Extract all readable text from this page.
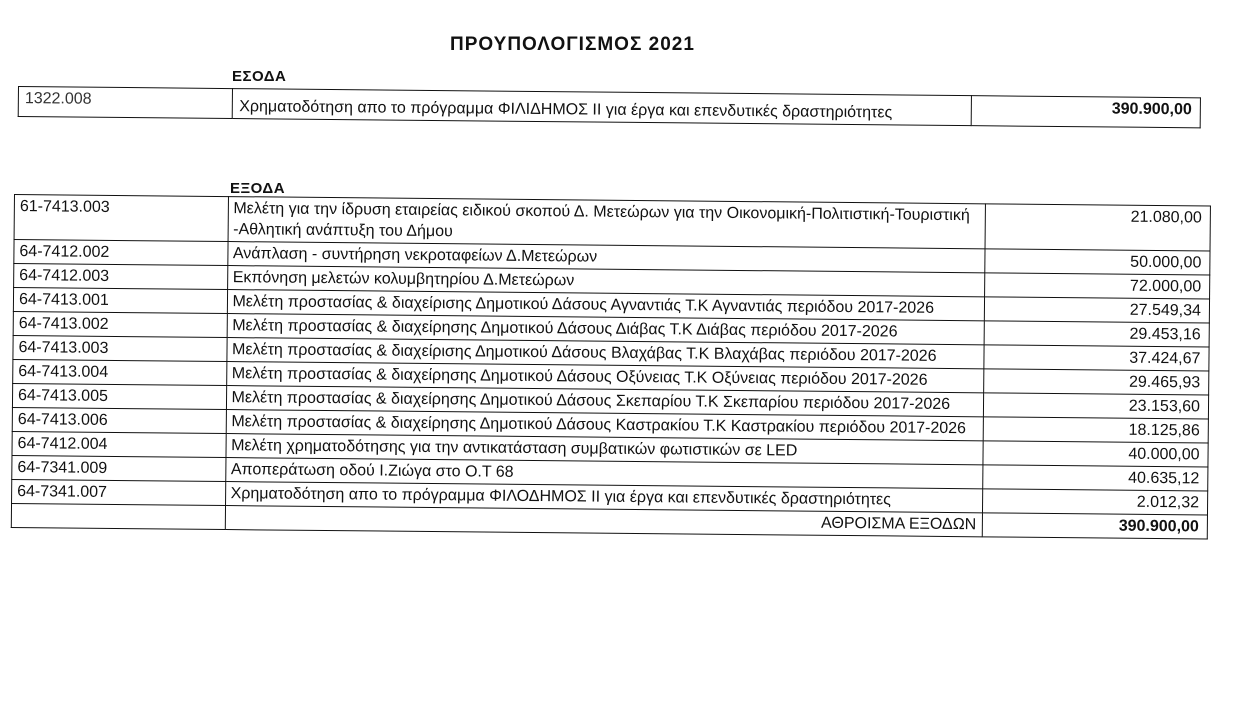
ΠΡΟΥΠΟΛΟΓΙΣΜΟΣ 2021
ΕΣΟΔΑ
1322.008	Χρηματοδότηση απο το πρόγραμμα ΦΙΛΙΔΗΜΟΣ ΙΙ για έργα και επενδυτικές δραστηριότητες	390.900,00
ΕΞΟΔΑ
61-7413.003	Μελέτη για την ίδρυση εταιρείας ειδικού σκοπού Δ. Μετεώρων για την Οικονομική-Πολιτιστική-Τουριστική -Αθλητική ανάπτυξη του Δήμου	21.080,00
64-7412.002	Ανάπλαση - συντήρηση νεκροταφείων Δ.Μετεώρων	50.000,00
64-7412.003	Εκπόνηση μελετών κολυμβητηρίου Δ.Μετεώρων	72.000,00
64-7413.001	Μελέτη προστασίας & διαχείρισης Δημοτικού Δάσους Αγναντιάς Τ.Κ Αγναντιάς περιόδου 2017-2026	27.549,34
64-7413.002	Μελέτη προστασίας & διαχείρησης Δημοτικού Δάσους Διάβας Τ.Κ Διάβας περιόδου 2017-2026	29.453,16
64-7413.003	Μελέτη προστασίας & διαχείρισης Δημοτικού Δάσους Βλαχάβας Τ.Κ Βλαχάβας περιόδου 2017-2026	37.424,67
64-7413.004	Μελέτη προστασίας & διαχείρησης Δημοτικού Δάσους Οξύνειας Τ.Κ Οξύνειας περιόδου 2017-2026	29.465,93
64-7413.005	Μελέτη προστασίας & διαχείρησης Δημοτικού Δάσους Σκεπαρίου Τ.Κ Σκεπαρίου περιόδου 2017-2026	23.153,60
64-7413.006	Μελέτη προστασίας & διαχείρησης Δημοτικού Δάσους Καστρακίου Τ.Κ Καστρακίου περιόδου 2017-2026	18.125,86
64-7412.004	Μελέτη χρηματοδότησης για την αντικατάσταση συμβατικών φωτιστικών σε LED	40.000,00
64-7341.009	Αποπεράτωση οδού Ι.Ζιώγα στο Ο.Τ 68	40.635,12
64-7341.007	Χρηματοδότηση απο το πρόγραμμα ΦΙΛΟΔΗΜΟΣ ΙΙ για έργα και επενδυτικές δραστηριότητες	2.012,32
	ΑΘΡΟΙΣΜΑ ΕΞΟΔΩΝ	390.900,00
